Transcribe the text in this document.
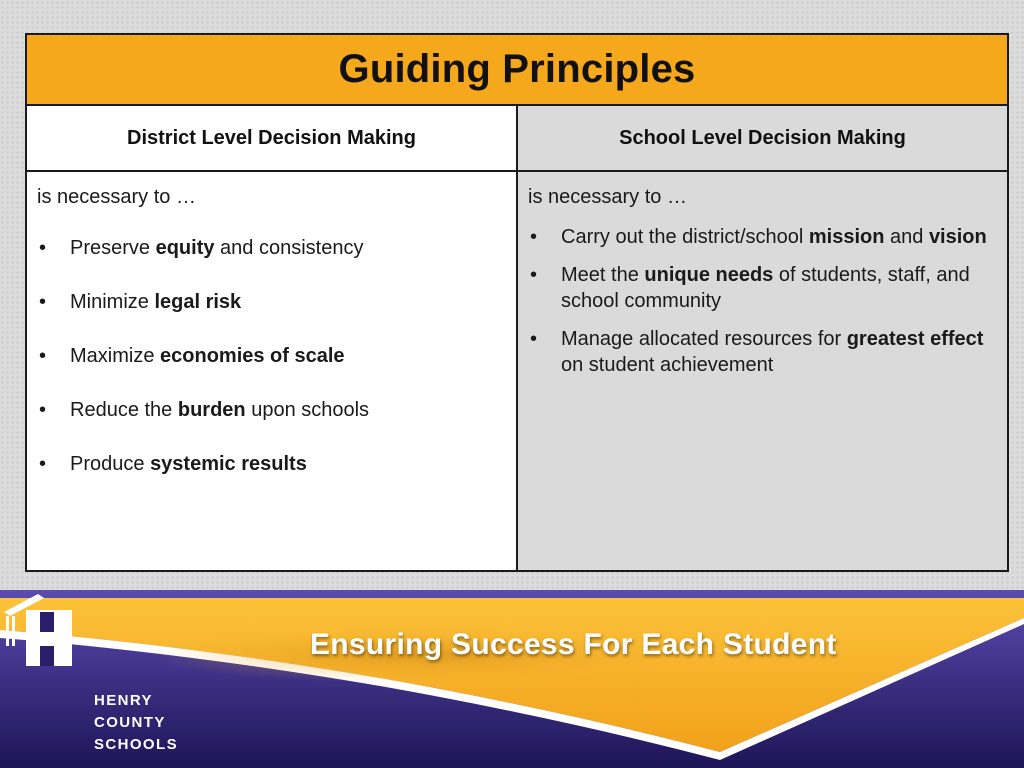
Guiding Principles
District Level Decision Making

is necessary to …

• Preserve equity and consistency
• Minimize legal risk
• Maximize economies of scale
• Reduce the burden upon schools
• Produce systemic results
School Level Decision Making

is necessary to …

• Carry out the district/school mission and vision
• Meet the unique needs of students, staff, and school community
• Manage allocated resources for greatest effect on student achievement
Ensuring Success For Each Student
HENRY
COUNTY
SCHOOLS
